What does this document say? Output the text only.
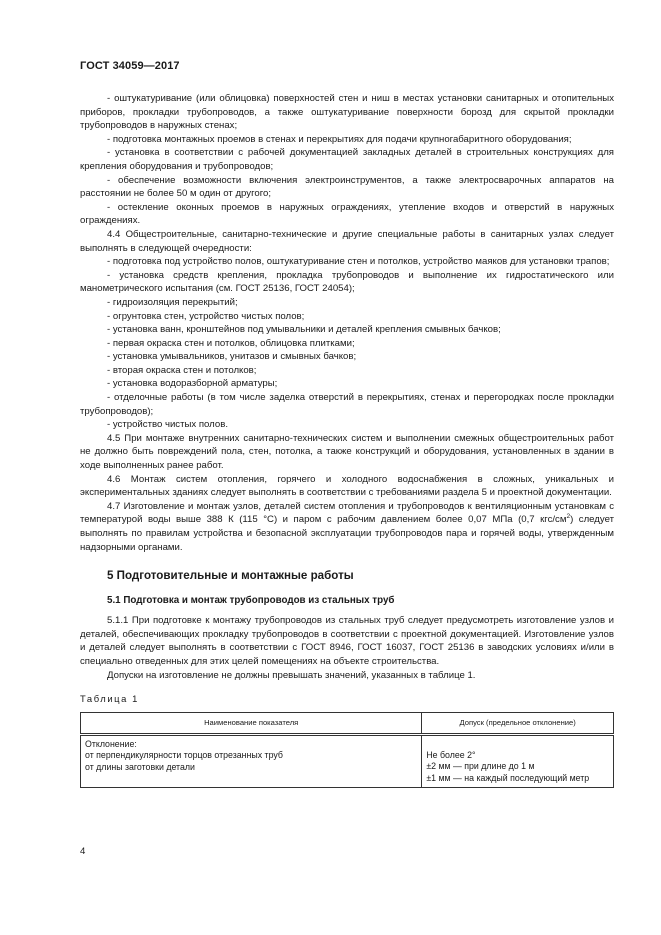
ГОСТ 34059—2017

- оштукатуривание (или облицовка) поверхностей стен и ниш в местах установки санитарных и отопительных приборов, прокладки трубопроводов, а также оштукатуривание поверхности борозд для скрытой прокладки трубопроводов в наружных стенах;

- подготовка монтажных проемов в стенах и перекрытиях для подачи крупногабаритного оборудования;

- установка в соответствии с рабочей документацией закладных деталей в строительных конструкциях для крепления оборудования и трубопроводов;

- обеспечение возможности включения электроинструментов, а также электросварочных аппаратов на расстоянии не более 50 м один от другого;

- остекление оконных проемов в наружных ограждениях, утепление входов и отверстий в наружных ограждениях.

4.4 Общестроительные, санитарно-технические и другие специальные работы в санитарных узлах следует выполнять в следующей очередности:

- подготовка под устройство полов, оштукатуривание стен и потолков, устройство маяков для установки трапов;

- установка средств крепления, прокладка трубопроводов и выполнение их гидростатического или манометрического испытания (см. ГОСТ 25136, ГОСТ 24054);

- гидроизоляция перекрытий;

- огрунтовка стен, устройство чистых полов;

- установка ванн, кронштейнов под умывальники и деталей крепления смывных бачков;

- первая окраска стен и потолков, облицовка плитками;

- установка умывальников, унитазов и смывных бачков;

- вторая окраска стен и потолков;

- установка водоразборной арматуры;

- отделочные работы (в том числе заделка отверстий в перекрытиях, стенах и перегородках после прокладки трубопроводов);

- устройство чистых полов.

4.5 При монтаже внутренних санитарно-технических систем и выполнении смежных общестроительных работ не должно быть повреждений пола, стен, потолка, а также конструкций и оборудования, установленных в здании в ходе выполненных ранее работ.

4.6 Монтаж систем отопления, горячего и холодного водоснабжения в сложных, уникальных и экспериментальных зданиях следует выполнять в соответствии с требованиями раздела 5 и проектной документации.

4.7 Изготовление и монтаж узлов, деталей систем отопления и трубопроводов к вентиляционным установкам с температурой воды выше 388 К (115 °С) и паром с рабочим давлением более 0,07 МПа (0,7 кгс/$см^2$) следует выполнять по правилам устройства и безопасной эксплуатации трубопроводов пара и горячей воды, утвержденным надзорными органами.

5 Подготовительные и монтажные работы
5.1 Подготовка и монтаж трубопроводов из стальных труб

5.1.1 При подготовке к монтажу трубопроводов из стальных труб следует предусмотреть изготовление узлов и деталей, обеспечивающих прокладку трубопроводов в соответствии с проектной документацией. Изготовление узлов и деталей следует выполнять в соответствии с ГОСТ 8946, ГОСТ 16037, ГОСТ 25136 в заводских условиях и/или в специально отведенных для этих целей помещениях на объекте строительства.

Допуски на изготовление не должны превышать значений, указанных в таблице 1.

Таблица 1

Наименование показателя	Допуск (предельное отклонение)

Отклонение:
от перпендикулярности торцов отрезанных труб
от длины заготовки детали	Не более 2°
±2 мм — при длине до 1 м
±1 мм — на каждый последующий метр
4
